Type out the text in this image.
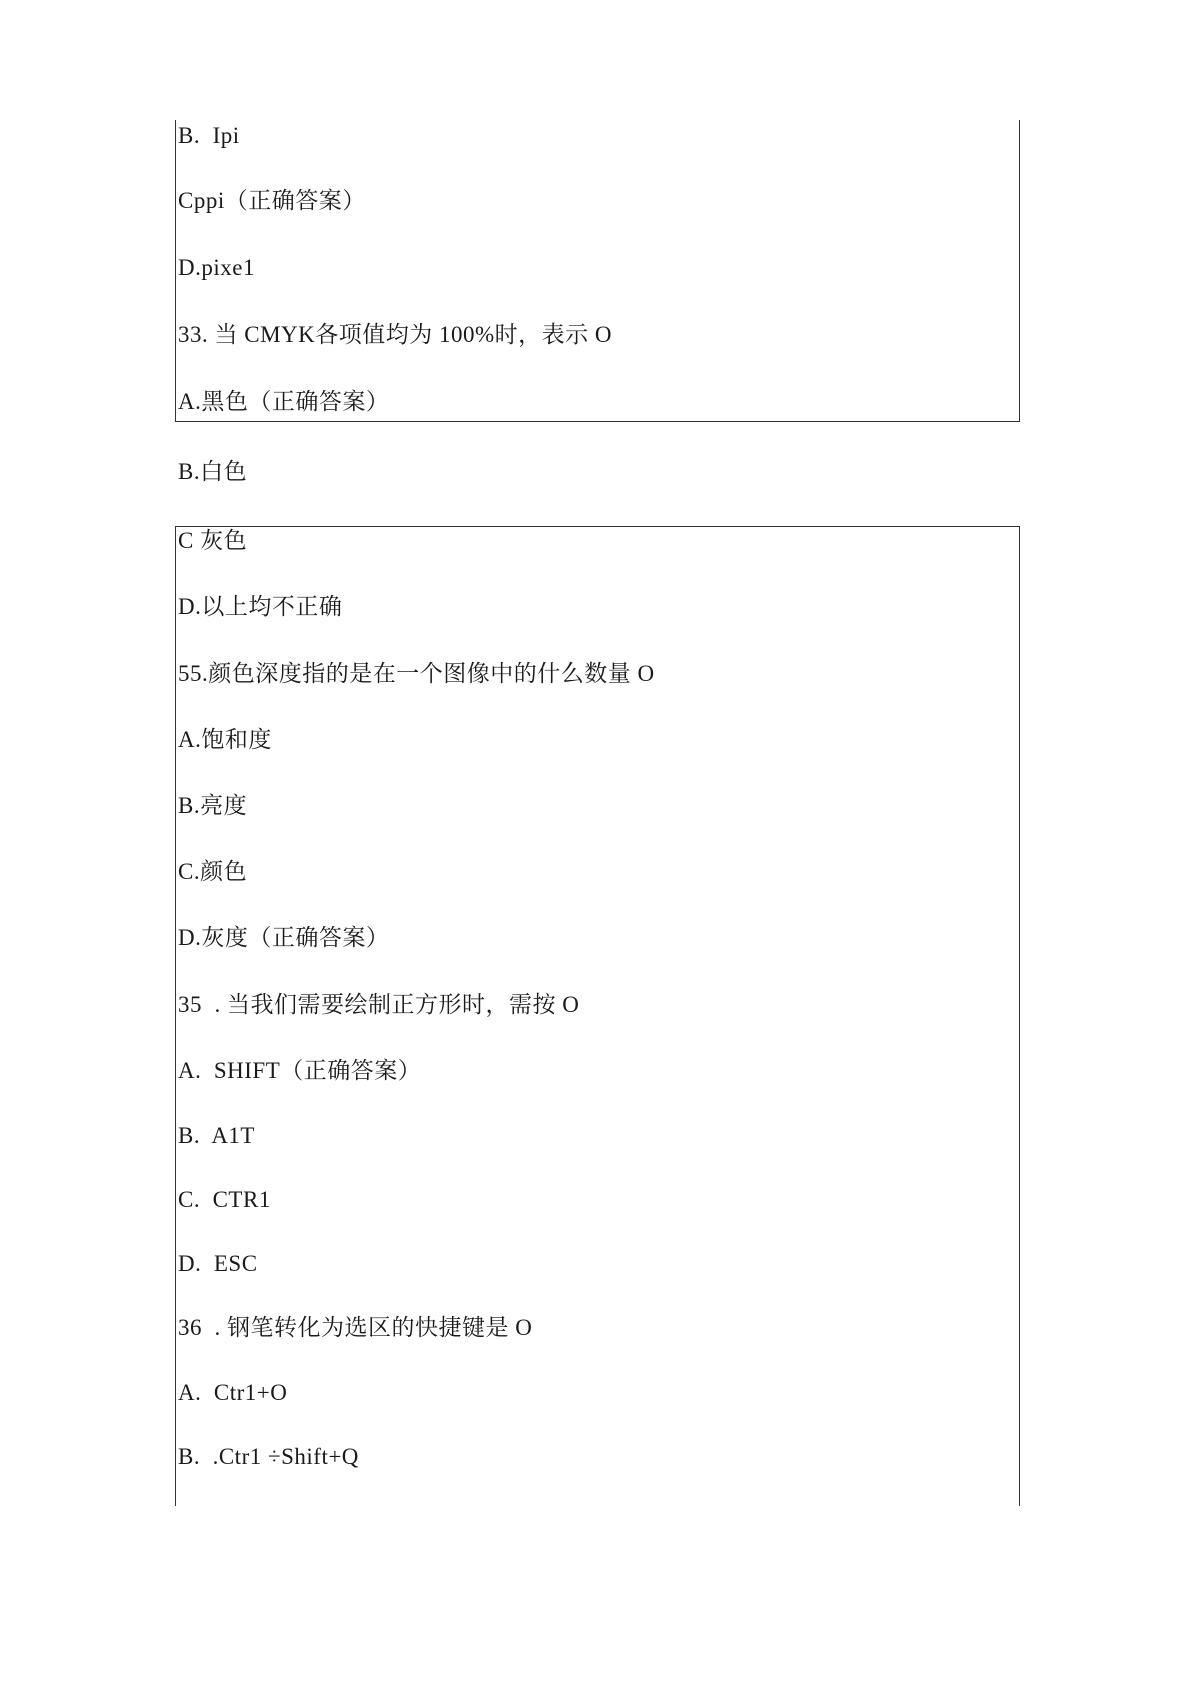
B.  Ipi
Cppi（正确答案）
D.pixe1
33. 当 CMYK各项值均为 100%时，表示 O
A.黑色（正确答案）
B.白色
C 灰色
D.以上均不正确
55.颜色深度指的是在一个图像中的什么数量 O
A.饱和度
B.亮度
C.颜色
D.灰度（正确答案）
35  . 当我们需要绘制正方形时，需按 O
A.  SHIFT（正确答案）
B.  A1T
C.  CTR1
D.  ESC
36  . 钢笔转化为选区的快捷键是 O
A.  Ctr1+O
B.  .Ctr1 ÷Shift+Q
